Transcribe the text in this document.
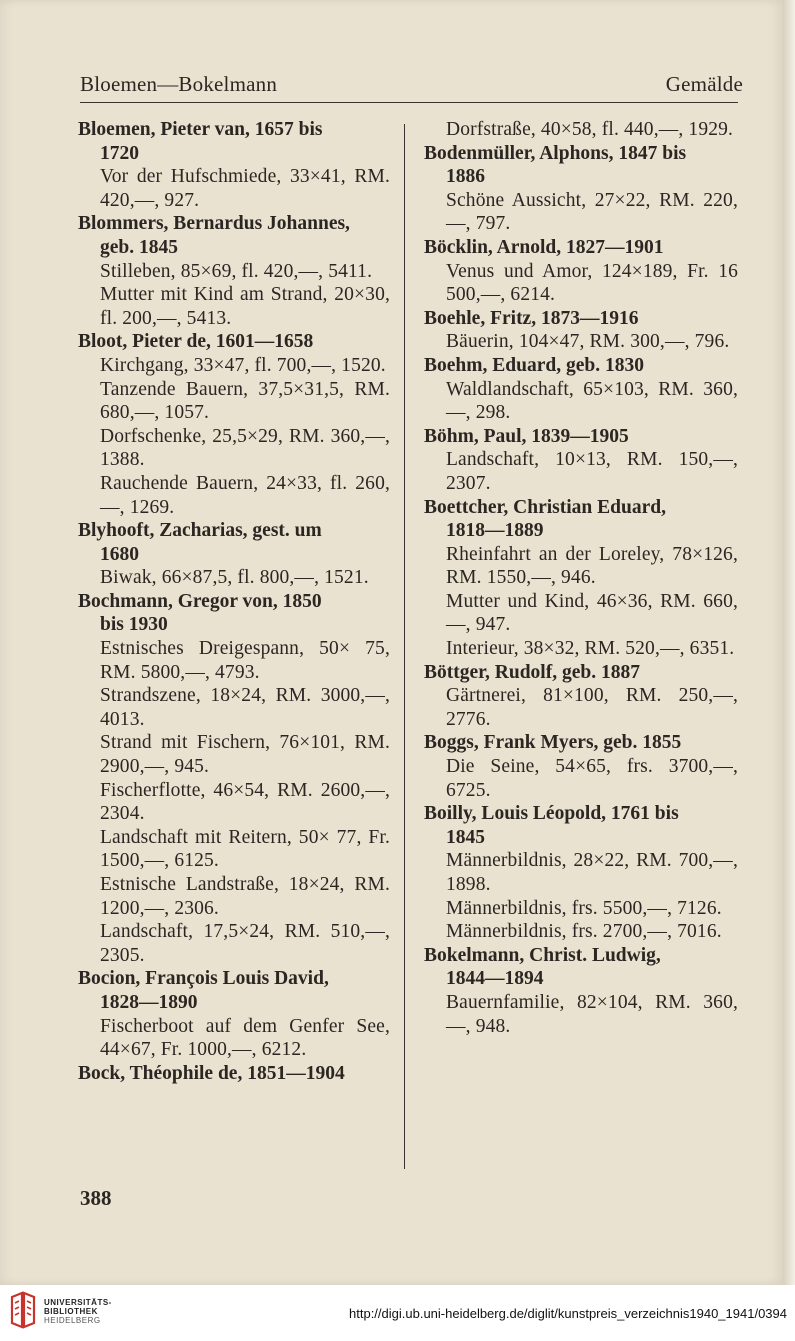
Bloemen—Bokelmann	Gemälde
Bloemen, Pieter van, 1657 bis
1720
Vor der Hufschmiede, 33×41, RM. 420,—, 927.
Blommers, Bernardus Johannes,
geb. 1845
Stilleben, 85×69, fl. 420,—, 5411.
Mutter mit Kind am Strand, 20×30, fl. 200,—, 5413.
Bloot, Pieter de, 1601—1658
Kirchgang, 33×47, fl. 700,—, 1520.
Tanzende Bauern, 37,5×31,5, RM. 680,—, 1057.
Dorfschenke, 25,5×29, RM. 360,—, 1388.
Rauchende Bauern, 24×33, fl. 260,—, 1269.
Blyhooft, Zacharias, gest. um
1680
Biwak, 66×87,5, fl. 800,—, 1521.
Bochmann, Gregor von, 1850
bis 1930
Estnisches Dreigespann, 50× 75, RM. 5800,—, 4793.
Strandszene, 18×24, RM. 3000,—, 4013.
Strand mit Fischern, 76×101, RM. 2900,—, 945.
Fischerflotte, 46×54, RM. 2600,—, 2304.
Landschaft mit Reitern, 50× 77, Fr. 1500,—, 6125.
Estnische Landstraße, 18×24, RM. 1200,—, 2306.
Landschaft, 17,5×24, RM. 510,—, 2305.
Bocion, François Louis David,
1828—1890
Fischerboot auf dem Genfer See, 44×67, Fr. 1000,—, 6212.
Bock, Théophile de, 1851—1904
Dorfstraße, 40×58, fl. 440,—, 1929.
Bodenmüller, Alphons, 1847 bis
1886
Schöne Aussicht, 27×22, RM. 220,—, 797.
Böcklin, Arnold, 1827—1901
Venus und Amor, 124×189, Fr. 16 500,—, 6214.
Boehle, Fritz, 1873—1916
Bäuerin, 104×47, RM. 300,—, 796.
Boehm, Eduard, geb. 1830
Waldlandschaft, 65×103, RM. 360,—, 298.
Böhm, Paul, 1839—1905
Landschaft, 10×13, RM. 150,—, 2307.
Boettcher, Christian Eduard,
1818—1889
Rheinfahrt an der Loreley, 78×126, RM. 1550,—, 946.
Mutter und Kind, 46×36, RM. 660,—, 947.
Interieur, 38×32, RM. 520,—, 6351.
Böttger, Rudolf, geb. 1887
Gärtnerei, 81×100, RM. 250,—, 2776.
Boggs, Frank Myers, geb. 1855
Die Seine, 54×65, frs. 3700,—, 6725.
Boilly, Louis Léopold, 1761 bis
1845
Männerbildnis, 28×22, RM. 700,—, 1898.
Männerbildnis, frs. 5500,—, 7126.
Männerbildnis, frs. 2700,—, 7016.
Bokelmann, Christ. Ludwig,
1844—1894
Bauernfamilie, 82×104, RM. 360,—, 948.
388
UNIVERSITÄTS-
BIBLIOTHEK
HEIDELBERG	http://digi.ub.uni-heidelberg.de/diglit/kunstpreis_verzeichnis1940_1941/0394
